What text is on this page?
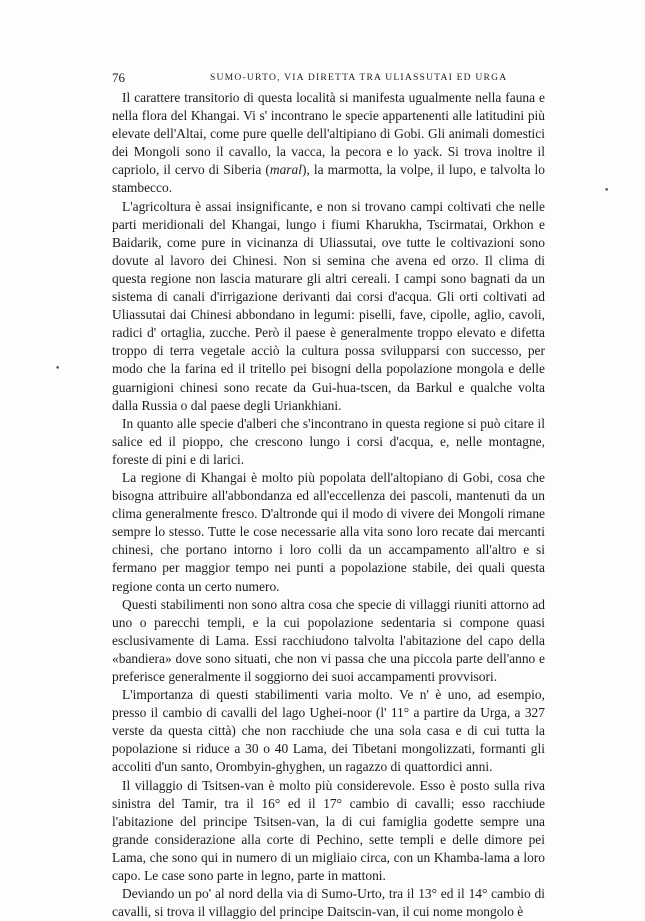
76	SUMO-URTO, VIA DIRETTA TRA ULIASSUTAI ED URGA

Il carattere transitorio di questa località si manifesta ugualmente nella fauna e nella flora del Khangai. Vi s' incontrano le specie appartenenti alle latitudini più elevate dell'Altai, come pure quelle dell'altipiano di Gobi. Gli animali domestici dei Mongoli sono il cavallo, la vacca, la pecora e lo yack. Si trova inoltre il capriolo, il cervo di Siberia (maral), la marmotta, la volpe, il lupo, e talvolta lo stambecco.

L'agricoltura è assai insignificante, e non si trovano campi coltivati che nelle parti meridionali del Khangai, lungo i fiumi Kharukha, Tscirmatai, Orkhon e Baidarik, come pure in vicinanza di Uliassutai, ove tutte le coltivazioni sono dovute al lavoro dei Chinesi. Non si semina che avena ed orzo. Il clima di questa regione non lascia maturare gli altri cereali. I campi sono bagnati da un sistema di canali d'irrigazione derivanti dai corsi d'acqua. Gli orti coltivati ad Uliassutai dai Chinesi abbondano in legumi: piselli, fave, cipolle, aglio, cavoli, radici d' ortaglia, zucche. Però il paese è generalmente troppo elevato e difetta troppo di terra vegetale acciò la cultura possa svilupparsi con successo, per modo che la farina ed il tritello pei bisogni della popolazione mongola e delle guarnigioni chinesi sono recate da Gui-hua-tscen, da Barkul e qualche volta dalla Russia o dal paese degli Uriankhiani.

In quanto alle specie d'alberi che s'incontrano in questa regione si può citare il salice ed il pioppo, che crescono lungo i corsi d'acqua, e, nelle montagne, foreste di pini e di larici.

La regione di Khangai è molto più popolata dell'altopiano di Gobi, cosa che bisogna attribuire all'abbondanza ed all'eccellenza dei pascoli, mantenuti da un clima generalmente fresco. D'altronde qui il modo di vivere dei Mongoli rimane sempre lo stesso. Tutte le cose necessarie alla vita sono loro recate dai mercanti chinesi, che portano intorno i loro colli da un accampamento all'altro e si fermano per maggior tempo nei punti a popolazione stabile, dei quali questa regione conta un certo numero.

Questi stabilimenti non sono altra cosa che specie di villaggi riuniti attorno ad uno o parecchi templi, e la cui popolazione sedentaria si compone quasi esclusivamente di Lama. Essi racchiudono talvolta l'abitazione del capo della «bandiera» dove sono situati, che non vi passa che una piccola parte dell'anno e preferisce generalmente il soggiorno dei suoi accampamenti provvisori.

L'importanza di questi stabilimenti varia molto. Ve n' è uno, ad esempio, presso il cambio di cavalli del lago Ughei-noor (l' 11° a partire da Urga, a 327 verste da questa città) che non racchiude che una sola casa e di cui tutta la popolazione si riduce a 30 o 40 Lama, dei Tibetani mongolizzati, formanti gli accoliti d'un santo, Orombyin-ghyghen, un ragazzo di quattordici anni.

Il villaggio di Tsitsen-van è molto più considerevole. Esso è posto sulla riva sinistra del Tamir, tra il 16° ed il 17° cambio di cavalli; esso racchiude l'abitazione del principe Tsitsen-van, la di cui famiglia godette sempre una grande considerazione alla corte di Pechino, sette templi e delle dimore pei Lama, che sono qui in numero di un migliaio circa, con un Khamba-lama a loro capo. Le case sono parte in legno, parte in mattoni.

Deviando un po' al nord della via di Sumo-Urto, tra il 13° ed il 14° cambio di cavalli, si trova il villaggio del principe Daitscin-van, il cui nome mongolo è

•
•
